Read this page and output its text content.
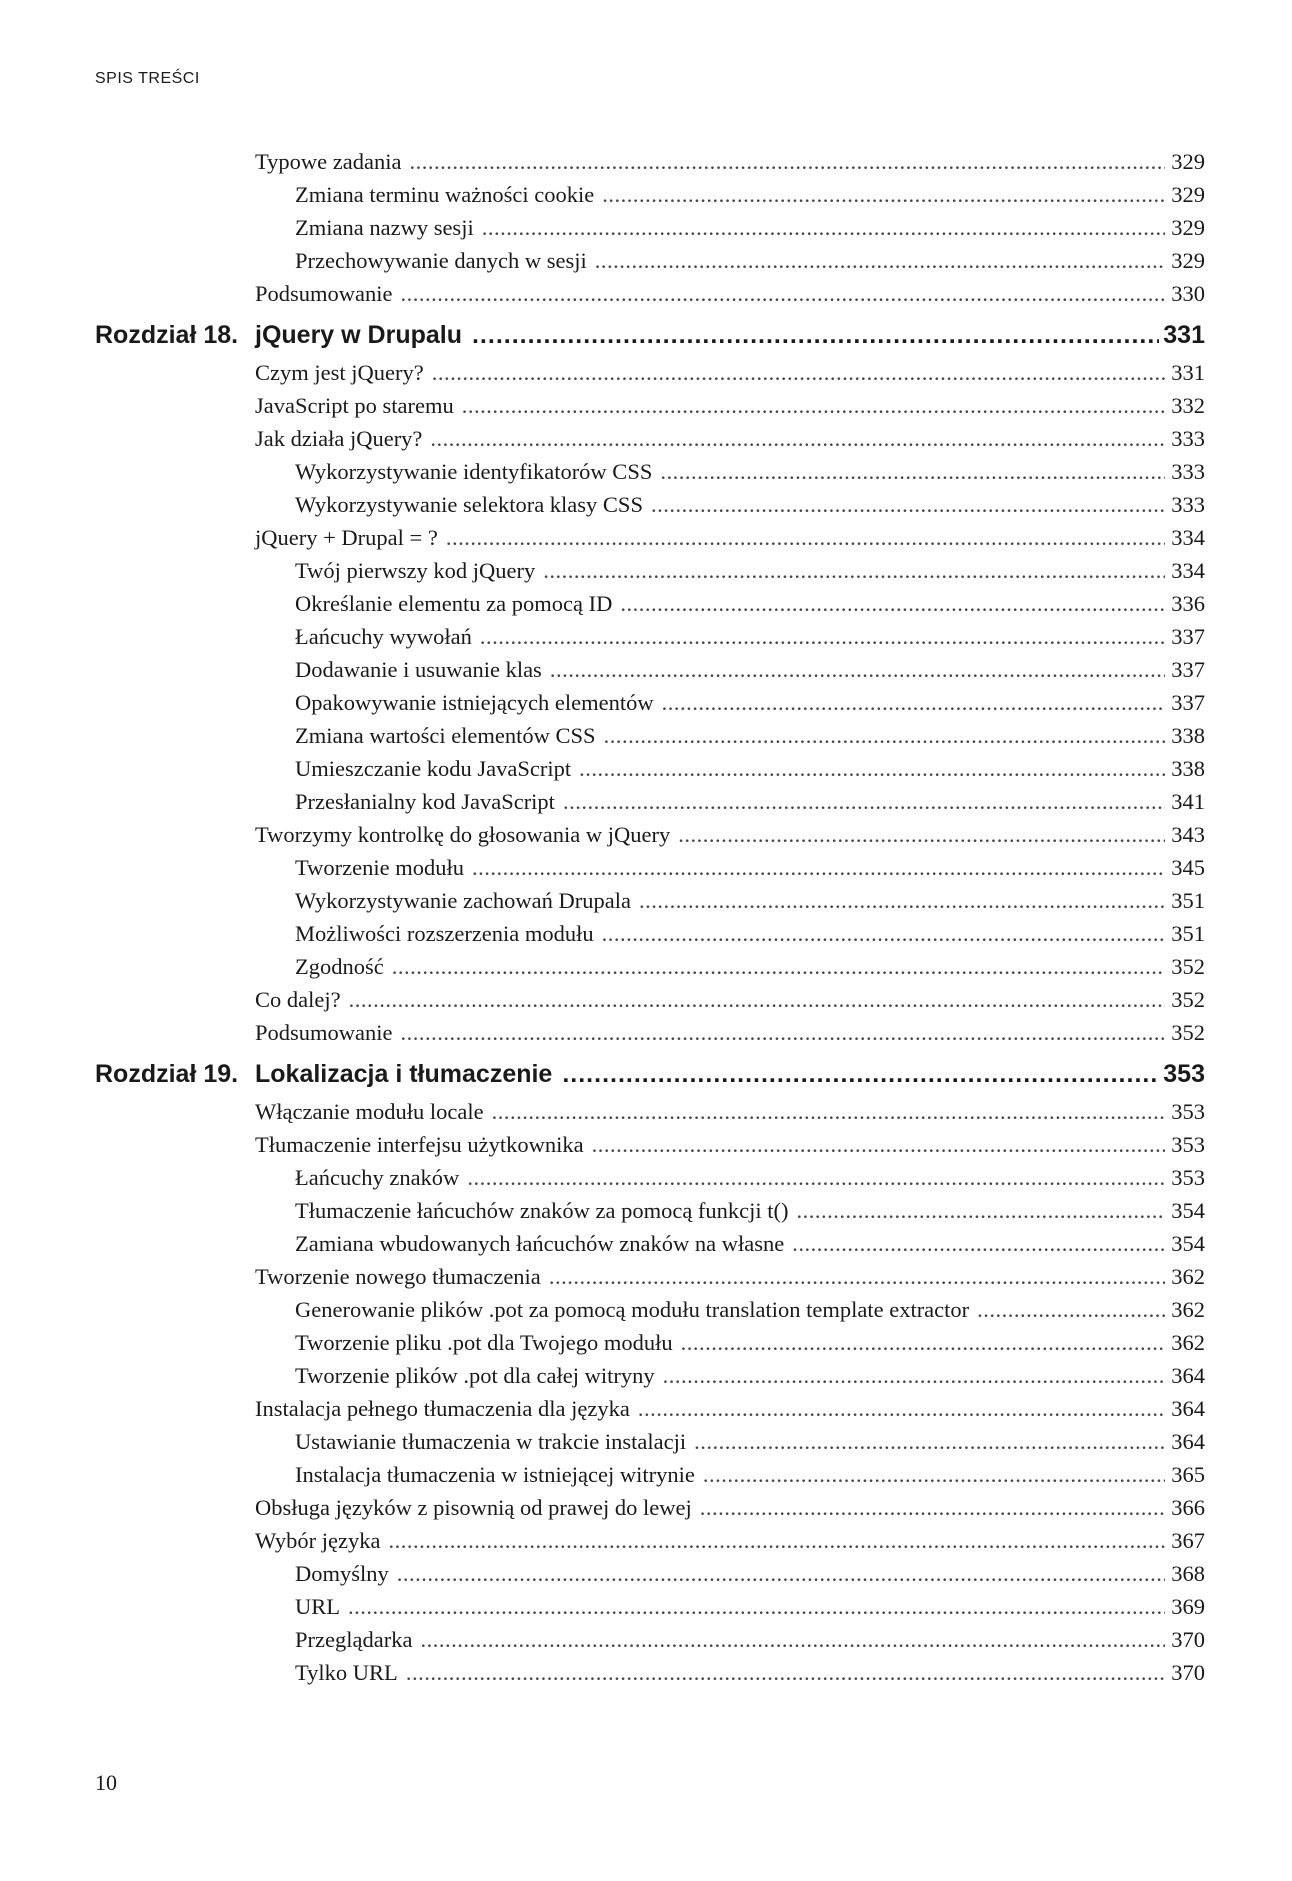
SPIS TREŚCI
Typowe zadania .....	329
Zmiana terminu ważności cookie .....	329
Zmiana nazwy sesji .....	329
Przechowywanie danych w sesji .....	329
Podsumowanie .....	330
Rozdział 18. jQuery w Drupalu .....	331
Czym jest jQuery? .....	331
JavaScript po staremu .....	332
Jak działa jQuery? .....	333
Wykorzystywanie identyfikatorów CSS .....	333
Wykorzystywanie selektora klasy CSS .....	333
jQuery + Drupal = ? .....	334
Twój pierwszy kod jQuery .....	334
Określanie elementu za pomocą ID .....	336
Łańcuchy wywołań .....	337
Dodawanie i usuwanie klas .....	337
Opakowywanie istniejących elementów .....	337
Zmiana wartości elementów CSS .....	338
Umieszczanie kodu JavaScript .....	338
Przesłanialny kod JavaScript .....	341
Tworzymy kontrolkę do głosowania w jQuery .....	343
Tworzenie modułu .....	345
Wykorzystywanie zachowań Drupala .....	351
Możliwości rozszerzenia modułu .....	351
Zgodność .....	352
Co dalej? .....	352
Podsumowanie .....	352
Rozdział 19. Lokalizacja i tłumaczenie .....	353
Włączanie modułu locale .....	353
Tłumaczenie interfejsu użytkownika .....	353
Łańcuchy znaków .....	353
Tłumaczenie łańcuchów znaków za pomocą funkcji t() .....	354
Zamiana wbudowanych łańcuchów znaków na własne .....	354
Tworzenie nowego tłumaczenia .....	362
Generowanie plików .pot za pomocą modułu translation template extractor .....	362
Tworzenie pliku .pot dla Twojego modułu .....	362
Tworzenie plików .pot dla całej witryny .....	364
Instalacja pełnego tłumaczenia dla języka .....	364
Ustawianie tłumaczenia w trakcie instalacji .....	364
Instalacja tłumaczenia w istniejącej witrynie .....	365
Obsługa języków z pisownią od prawej do lewej .....	366
Wybór języka .....	367
Domyślny .....	368
URL .....	369
Przeglądarka .....	370
Tylko URL .....	370
10
